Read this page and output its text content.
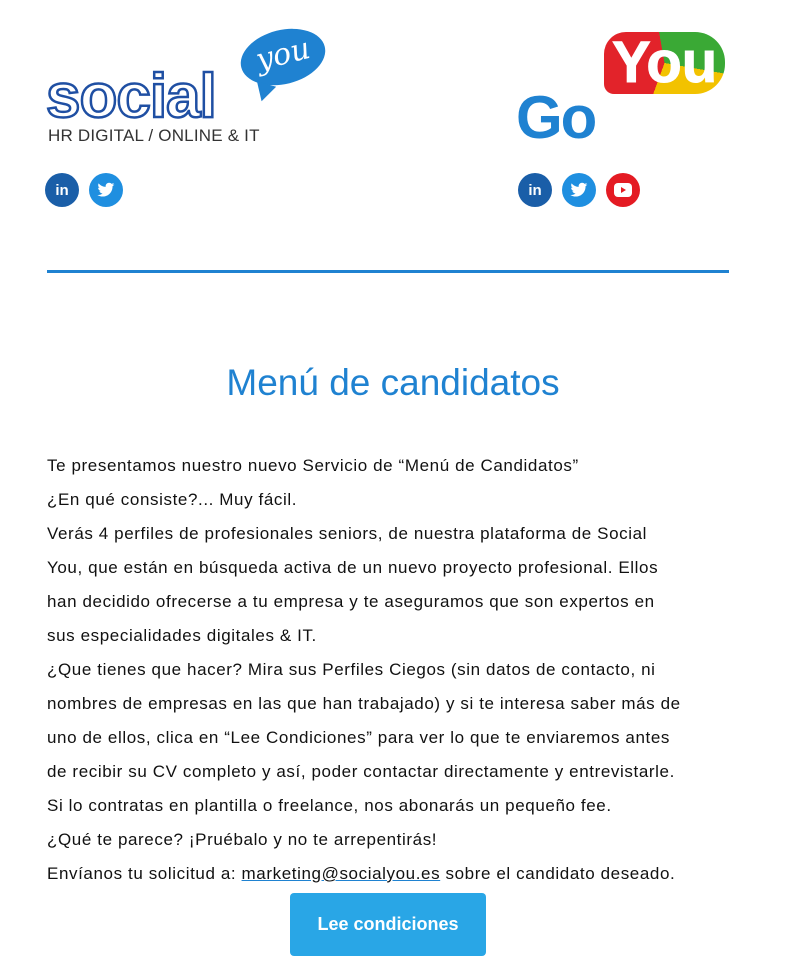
you
social
HR DIGITAL / ONLINE & IT
in
You
Go
in
Menú de candidatos

Te presentamos nuestro nuevo Servicio de “Menú de Candidatos”

¿En qué consiste?... Muy fácil.

Verás 4 perfiles de profesionales seniors, de nuestra plataforma de Social

You, que están en búsqueda activa de un nuevo proyecto profesional. Ellos

han decidido ofrecerse a tu empresa y te aseguramos que son expertos en

sus especialidades digitales & IT.

¿Que tienes que hacer? Mira sus Perfiles Ciegos (sin datos de contacto, ni

nombres de empresas en las que han trabajado) y si te interesa saber más de

uno de ellos, clica en “Lee Condiciones” para ver lo que te enviaremos antes

de recibir su CV completo y así, poder contactar directamente y entrevistarle.

Si lo contratas en plantilla o freelance, nos abonarás un pequeño fee.

¿Qué te parece? ¡Pruébalo y no te arrepentirás!

Envíanos tu solicitud a: marketing@socialyou.es sobre el candidato deseado.

Lee condiciones
